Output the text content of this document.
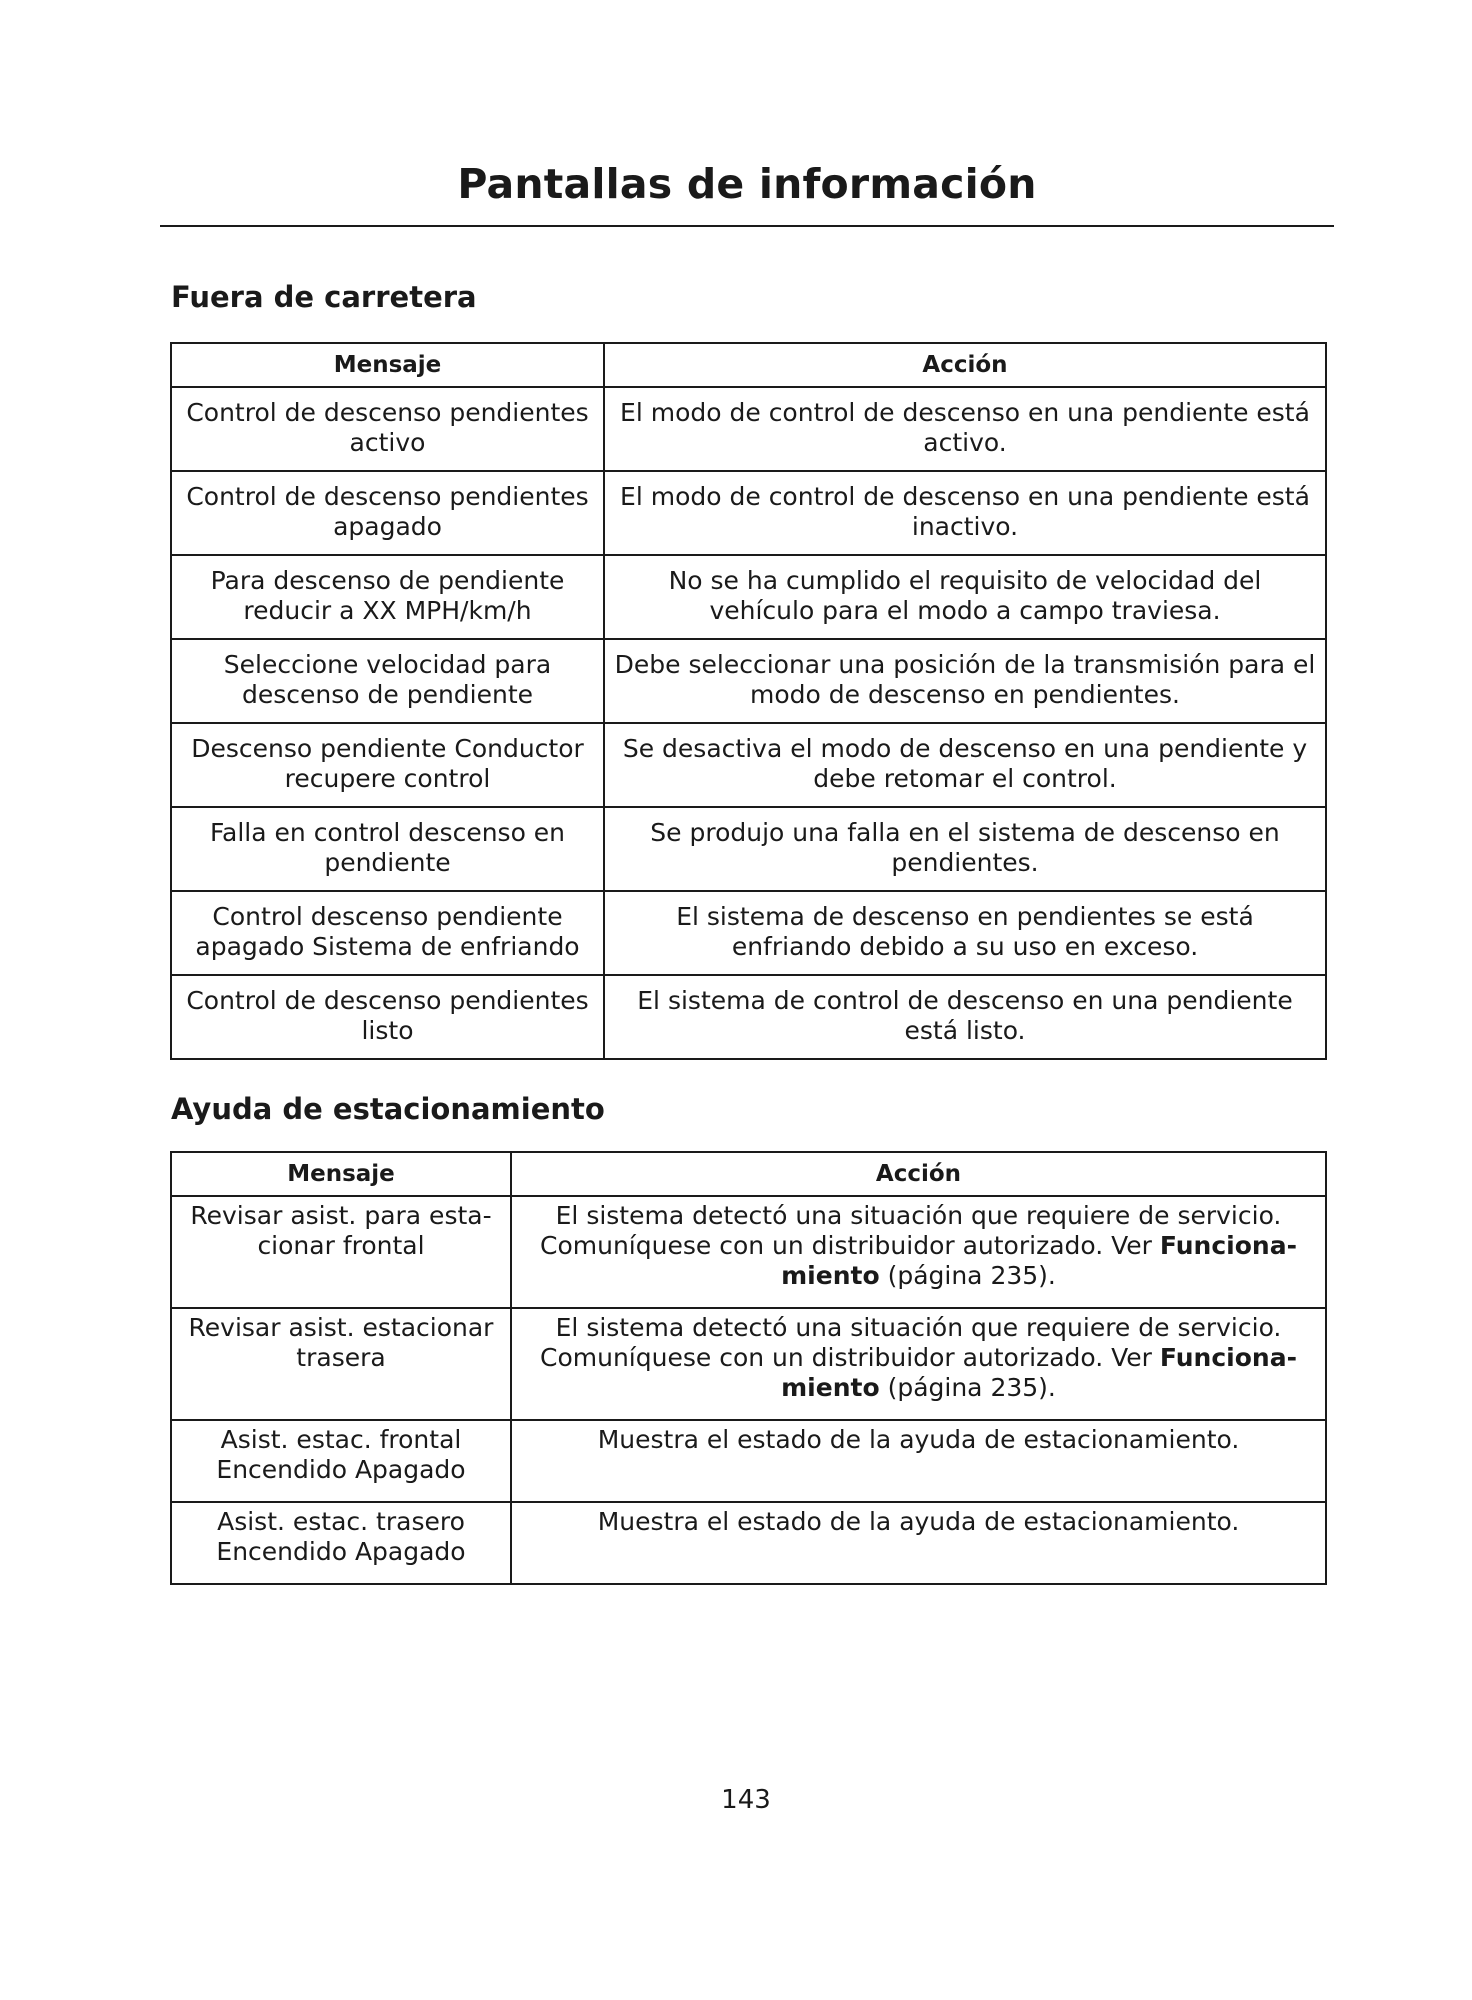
Pantallas de información
Fuera de carretera
Mensaje	Acción
Control de descenso pendientes activo	El modo de control de descenso en una pendiente está activo.
Control de descenso pendientes apagado	El modo de control de descenso en una pendiente está inactivo.
Para descenso de pendiente reducir a XX MPH/km/h	No se ha cumplido el requisito de velocidad del vehículo para el modo a campo traviesa.
Seleccione velocidad para descenso de pendiente	Debe seleccionar una posición de la transmisión para el modo de descenso en pendientes.
Descenso pendiente Conductor recupere control	Se desactiva el modo de descenso en una pendiente y debe retomar el control.
Falla en control descenso en pendiente	Se produjo una falla en el sistema de descenso en pendientes.
Control descenso pendiente apagado Sistema de enfriando	El sistema de descenso en pendientes se está enfriando debido a su uso en exceso.
Control de descenso pendientes listo	El sistema de control de descenso en una pendiente está listo.
Ayuda de estacionamiento
Mensaje	Acción
Revisar asist. para esta-cionar frontal	El sistema detectó una situación que requiere de servicio. Comuníquese con un distribuidor autorizado. Ver Funciona-miento (página 235).
Revisar asist. estacionar trasera	El sistema detectó una situación que requiere de servicio. Comuníquese con un distribuidor autorizado. Ver Funciona-miento (página 235).
Asist. estac. frontal Encendido Apagado	Muestra el estado de la ayuda de estacionamiento.
Asist. estac. trasero Encendido Apagado	Muestra el estado de la ayuda de estacionamiento.
143
